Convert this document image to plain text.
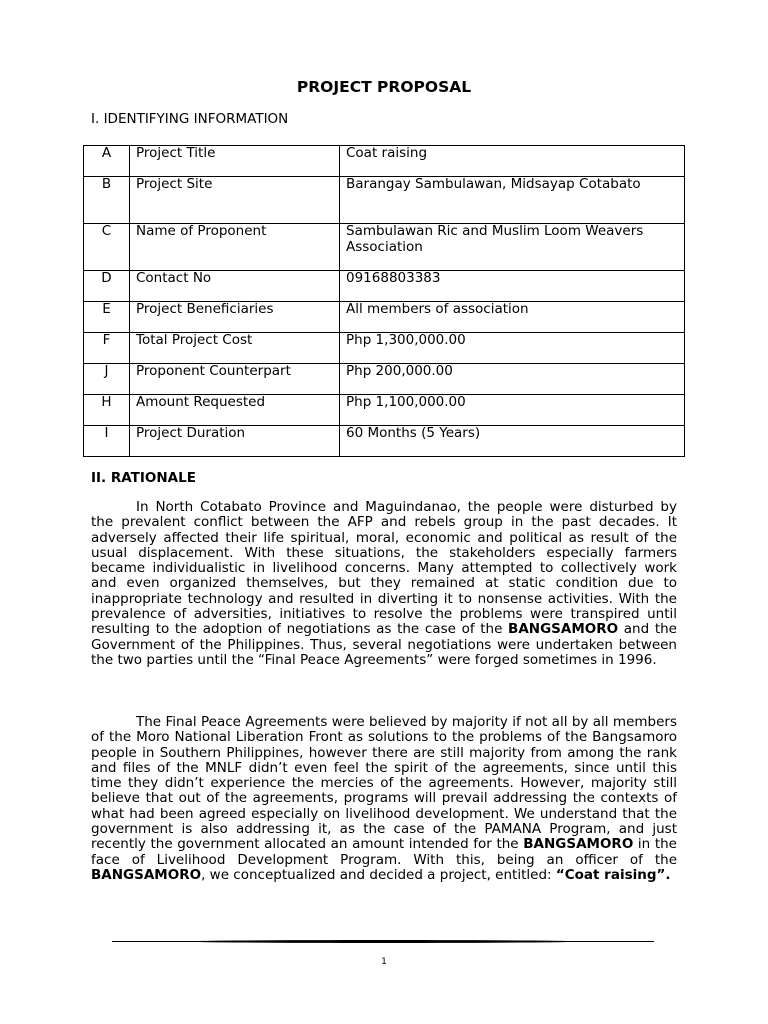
PROJECT PROPOSAL
I. IDENTIFYING INFORMATION
A	Project Title	Coat raising
B	Project Site	Barangay Sambulawan, Midsayap Cotabato
C	Name of Proponent	Sambulawan Ric and Muslim Loom Weavers Association
D	Contact No	09168803383
E	Project Beneficiaries	All members of association
F	Total Project Cost	Php 1,300,000.00
J	Proponent Counterpart	Php 200,000.00
H	Amount Requested	Php 1,100,000.00
I	Project Duration	60 Months (5 Years)
II. RATIONALE

In North Cotabato Province and Maguindanao, the people were disturbed by the prevalent conflict between the AFP and rebels group in the past decades. It adversely affected their life spiritual, moral, economic and political as result of the usual displacement. With these situations, the stakeholders especially farmers became individualistic in livelihood concerns. Many attempted to collectively work and even organized themselves, but they remained at static condition due to inappropriate technology and resulted in diverting it to nonsense activities. With the prevalence of adversities, initiatives to resolve the problems were transpired until resulting to the adoption of negotiations as the case of the BANGSAMORO and the Government of the Philippines. Thus, several negotiations were undertaken between the two parties until the “Final Peace Agreements” were forged sometimes in 1996.

The Final Peace Agreements were believed by majority if not all by all members of the Moro National Liberation Front as solutions to the problems of the Bangsamoro people in Southern Philippines, however there are still majority from among the rank and files of the MNLF didn’t even feel the spirit of the agreements, since until this time they didn’t experience the mercies of the agreements. However, majority still believe that out of the agreements, programs will prevail addressing the contexts of what had been agreed especially on livelihood development. We understand that the government is also addressing it, as the case of the PAMANA Program, and just recently the government allocated an amount intended for the BANGSAMORO in the face of Livelihood Development Program. With this, being an officer of the BANGSAMORO, we conceptualized and decided a project, entitled: “Coat raising”.

1
